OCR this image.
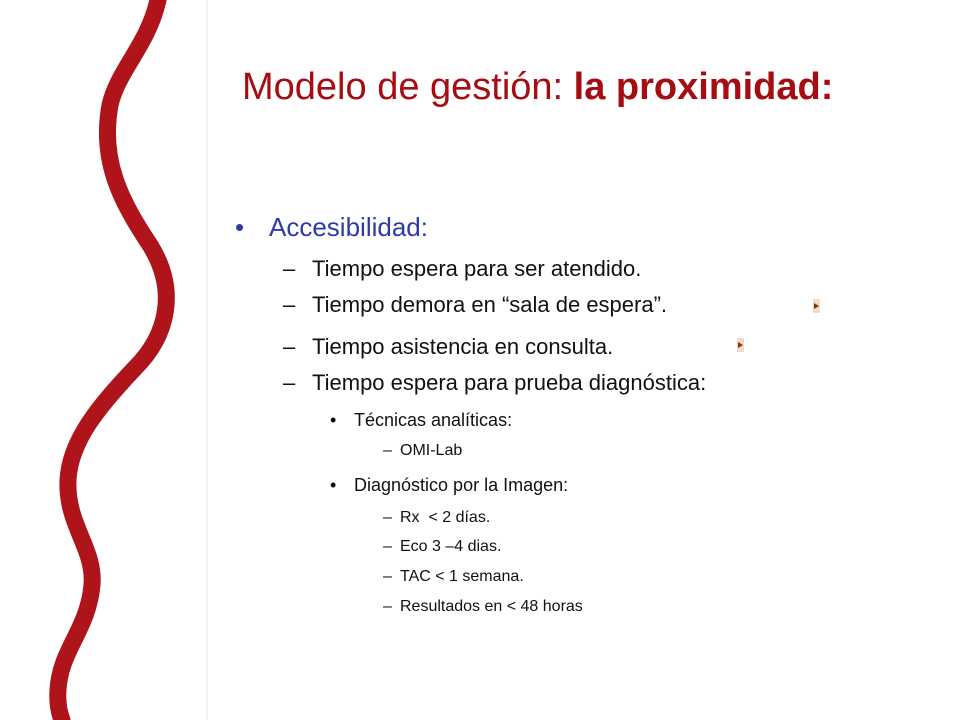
Modelo de gestión: la proximidad:
• Accesibilidad:
– Tiempo espera para ser atendido.
– Tiempo demora en “sala de espera”.
– Tiempo asistencia en consulta.
– Tiempo espera para prueba diagnóstica:
• Técnicas analíticas:
– OMI-Lab
• Diagnóstico por la Imagen:
– Rx  < 2 días.
– Eco 3 –4 dias.
– TAC < 1 semana.
– Resultados en < 48 horas
